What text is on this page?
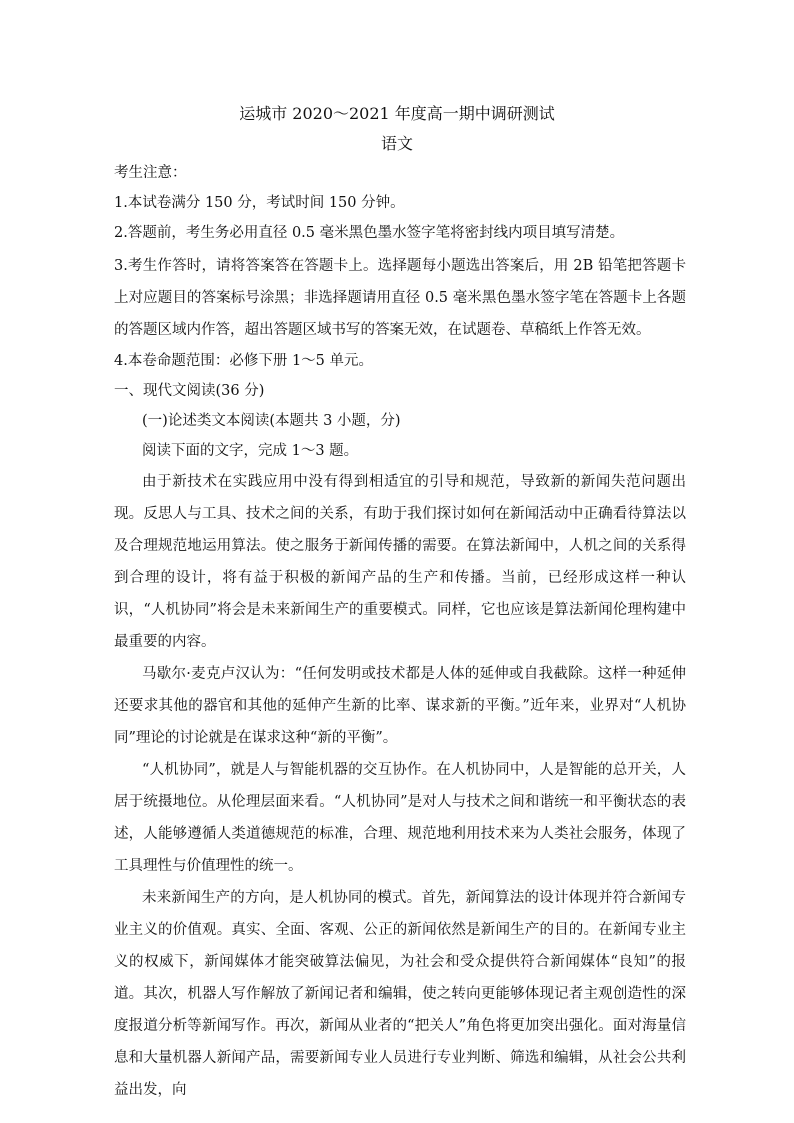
运城市 2020～2021 年度高一期中调研测试
语文

考生注意：

1.本试卷满分 150 分，考试时间 150 分钟。

2.答题前，考生务必用直径 0.5 毫米黑色墨水签字笔将密封线内项目填写清楚。

3.考生作答时，请将答案答在答题卡上。选择题每小题选出答案后，用 2B 铅笔把答题卡上对应题目的答案标号涂黑；非选择题请用直径 0.5 毫米黑色墨水签字笔在答题卡上各题的答题区域内作答，超出答题区域书写的答案无效，在试题卷、草稿纸上作答无效。

4.本卷命题范围：必修下册 1～5 单元。

一、现代文阅读(36 分)

(一)论述类文本阅读(本题共 3 小题，分)

阅读下面的文字，完成 1～3 题。

由于新技术在实践应用中没有得到相适宜的引导和规范，导致新的新闻失范问题出现。反思人与工具、技术之间的关系，有助于我们探讨如何在新闻活动中正确看待算法以及合理规范地运用算法。使之服务于新闻传播的需要。在算法新闻中，人机之间的关系得到合理的设计，将有益于积极的新闻产品的生产和传播。当前，已经形成这样一种认识，“人机协同”将会是未来新闻生产的重要模式。同样，它也应该是算法新闻伦理构建中最重要的内容。

马歇尔·麦克卢汉认为：“任何发明或技术都是人体的延伸或自我截除。这样一种延伸还要求其他的器官和其他的延伸产生新的比率、谋求新的平衡。”近年来，业界对“人机协同”理论的讨论就是在谋求这种“新的平衡”。

“人机协同”，就是人与智能机器的交互协作。在人机协同中，人是智能的总开关，人居于统摄地位。从伦理层面来看。“人机协同”是对人与技术之间和谐统一和平衡状态的表述，人能够遵循人类道德规范的标准，合理、规范地利用技术来为人类社会服务，体现了工具理性与价值理性的统一。

未来新闻生产的方向，是人机协同的模式。首先，新闻算法的设计体现并符合新闻专业主义的价值观。真实、全面、客观、公正的新闻依然是新闻生产的目的。在新闻专业主义的权威下，新闻媒体才能突破算法偏见，为社会和受众提供符合新闻媒体“良知”的报道。其次，机器人写作解放了新闻记者和编辑，使之转向更能够体现记者主观创造性的深度报道分析等新闻写作。再次，新闻从业者的“把关人”角色将更加突出强化。面对海量信息和大量机器人新闻产品，需要新闻专业人员进行专业判断、筛选和编辑，从社会公共利益出发，向
